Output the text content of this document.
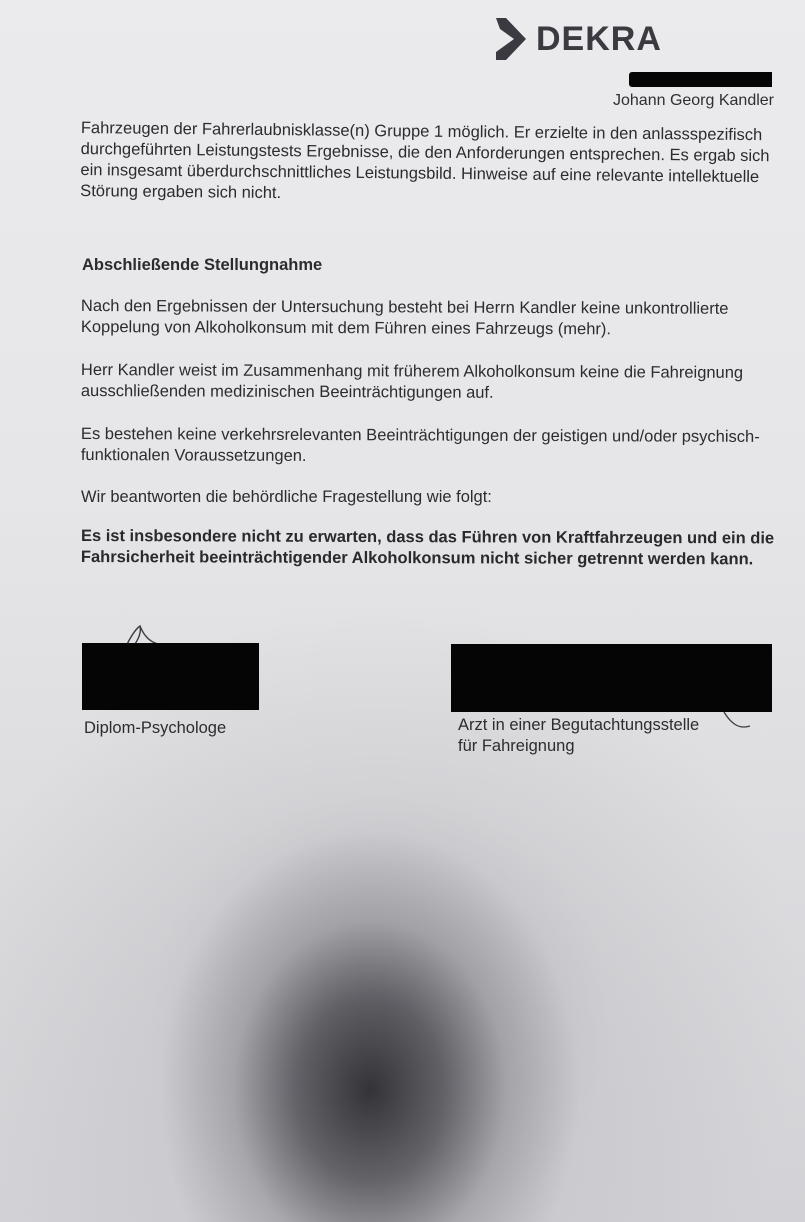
DEKRA
Johann Georg Kandler

Fahrzeugen der Fahrerlaubnisklasse(n) Gruppe 1 möglich. Er erzielte in den anlassspezifisch durchgeführten Leistungstests Ergebnisse, die den Anforderungen entsprechen. Es ergab sich ein insgesamt überdurchschnittliches Leistungsbild. Hinweise auf eine relevante intellektuelle Störung ergaben sich nicht.

Abschließende Stellungnahme

Nach den Ergebnissen der Untersuchung besteht bei Herrn Kandler keine unkontrollierte Koppelung von Alkoholkonsum mit dem Führen eines Fahrzeugs (mehr).

Herr Kandler weist im Zusammenhang mit früherem Alkoholkonsum keine die Fahreignung ausschließenden medizinischen Beeinträchtigungen auf.

Es bestehen keine verkehrsrelevanten Beeinträchtigungen der geistigen und/oder psychisch-funktionalen Voraussetzungen.

Wir beantworten die behördliche Fragestellung wie folgt:

Es ist insbesondere nicht zu erwarten, dass das Führen von Kraftfahrzeugen und ein die Fahrsicherheit beeinträchtigender Alkoholkonsum nicht sicher getrennt werden kann.

Diplom-Psychologe	Arzt in einer Begutachtungsstelle
für Fahreignung
